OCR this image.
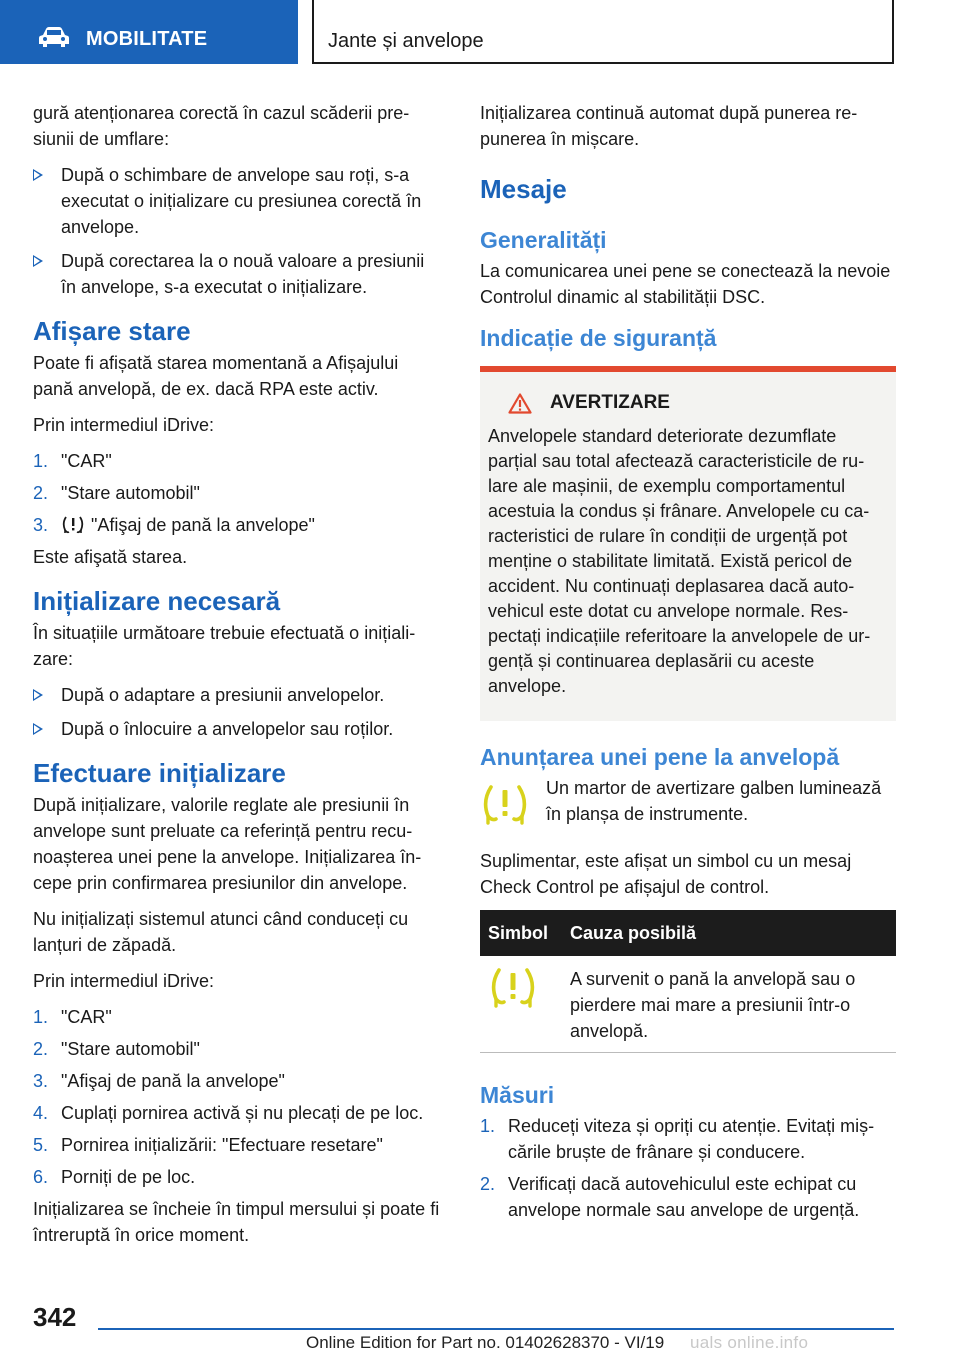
MOBILITATE	Jante și anvelope

gură atenționarea corectă în cazul scăderii presiunii de umflare:

După o schimbare de anvelope sau roți, s-a executat o inițializare cu presiunea corectă în anvelope.
După corectarea la o nouă valoare a presiunii în anvelope, s-a executat o inițializare.
Afișare stare

Poate fi afișată starea momentană a Afișajului pană anvelopă, de ex. dacă RPA este activ.

Prin intermediul iDrive:

1. "CAR"
2. "Stare automobil"
3. "Afişaj de pană la anvelope"

Este afişată starea.

Inițializare necesară

În situațiile următoare trebuie efectuată o inițializare:

După o adaptare a presiunii anvelopelor.
După o înlocuire a anvelopelor sau roților.
Efectuare inițializare

După inițializare, valorile reglate ale presiunii în anvelope sunt preluate ca referință pentru recunoașterea unei pene la anvelope. Inițializarea începe prin confirmarea presiunilor din anvelope.

Nu inițializați sistemul atunci când conduceți cu lanțuri de zăpadă.

Prin intermediul iDrive:

1. "CAR"
2. "Stare automobil"
3. "Afişaj de pană la anvelope"
4. Cuplați pornirea activă și nu plecați de pe loc.
5. Pornirea inițializării: "Efectuare resetare"
6. Porniți de pe loc.

Inițializarea se încheie în timpul mersului și poate fi întreruptă în orice moment.

Inițializarea continuă automat după punerea repunerea în mișcare.

Mesaje
Generalități

La comunicarea unei pene se conectează la nevoie Controlul dinamic al stabilității DSC.

Indicație de siguranță
AVERTIZARE

Anvelopele standard deteriorate dezumflate parțial sau total afectează caracteristicile de rulare ale mașinii, de exemplu comportamentul acestuia la condus și frânare. Anvelopele cu caracteristici de rulare în condiții de urgență pot menține o stabilitate limitată. Există pericol de accident. Nu continuați deplasarea dacă autovehicul este dotat cu anvelope normale. Respectați indicațiile referitoare la anvelopele de urgență și continuarea deplasării cu aceste anvelope.

Anunțarea unei pene la anvelopă
Un martor de avertizare galben luminează în planșa de instrumente.

Suplimentar, este afișat un simbol cu un mesaj Check Control pe afișajul de control.

Simbol	Cauza posibilă
	A survenit o pană la anvelopă sau o pierdere mai mare a presiunii într-o anvelopă.
Măsuri
1. Reduceți viteza și opriți cu atenție. Evitați mișcările bruște de frânare și conducere.
2. Verificați dacă autovehiculul este echipat cu anvelope normale sau anvelope de urgență.
342
Online Edition for Part no. 01402628370 - VI/19 uals online.info
